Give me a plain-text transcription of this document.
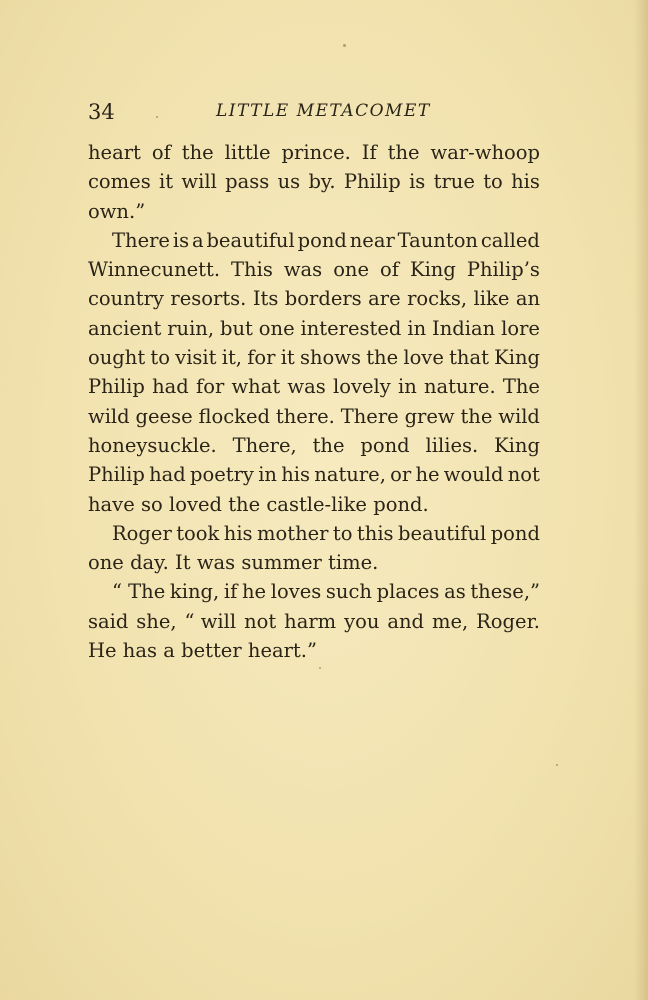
34	LITTLE METACOMET
heart of the little prince. If the war-whoop
comes it will pass us by. Philip is true to his
own.”
There is a beautiful pond near Taunton called
Winnecunett. This was one of King Philip’s
country resorts. Its borders are rocks, like an
ancient ruin, but one interested in Indian lore
ought to visit it, for it shows the love that King
Philip had for what was lovely in nature. The
wild geese flocked there. There grew the wild
honeysuckle. There, the pond lilies. King
Philip had poetry in his nature, or he would not
have so loved the castle-like pond.
Roger took his mother to this beautiful pond
one day. It was summer time.
“ The king, if he loves such places as these,”
said she, “ will not harm you and me, Roger.
He has a better heart.”
